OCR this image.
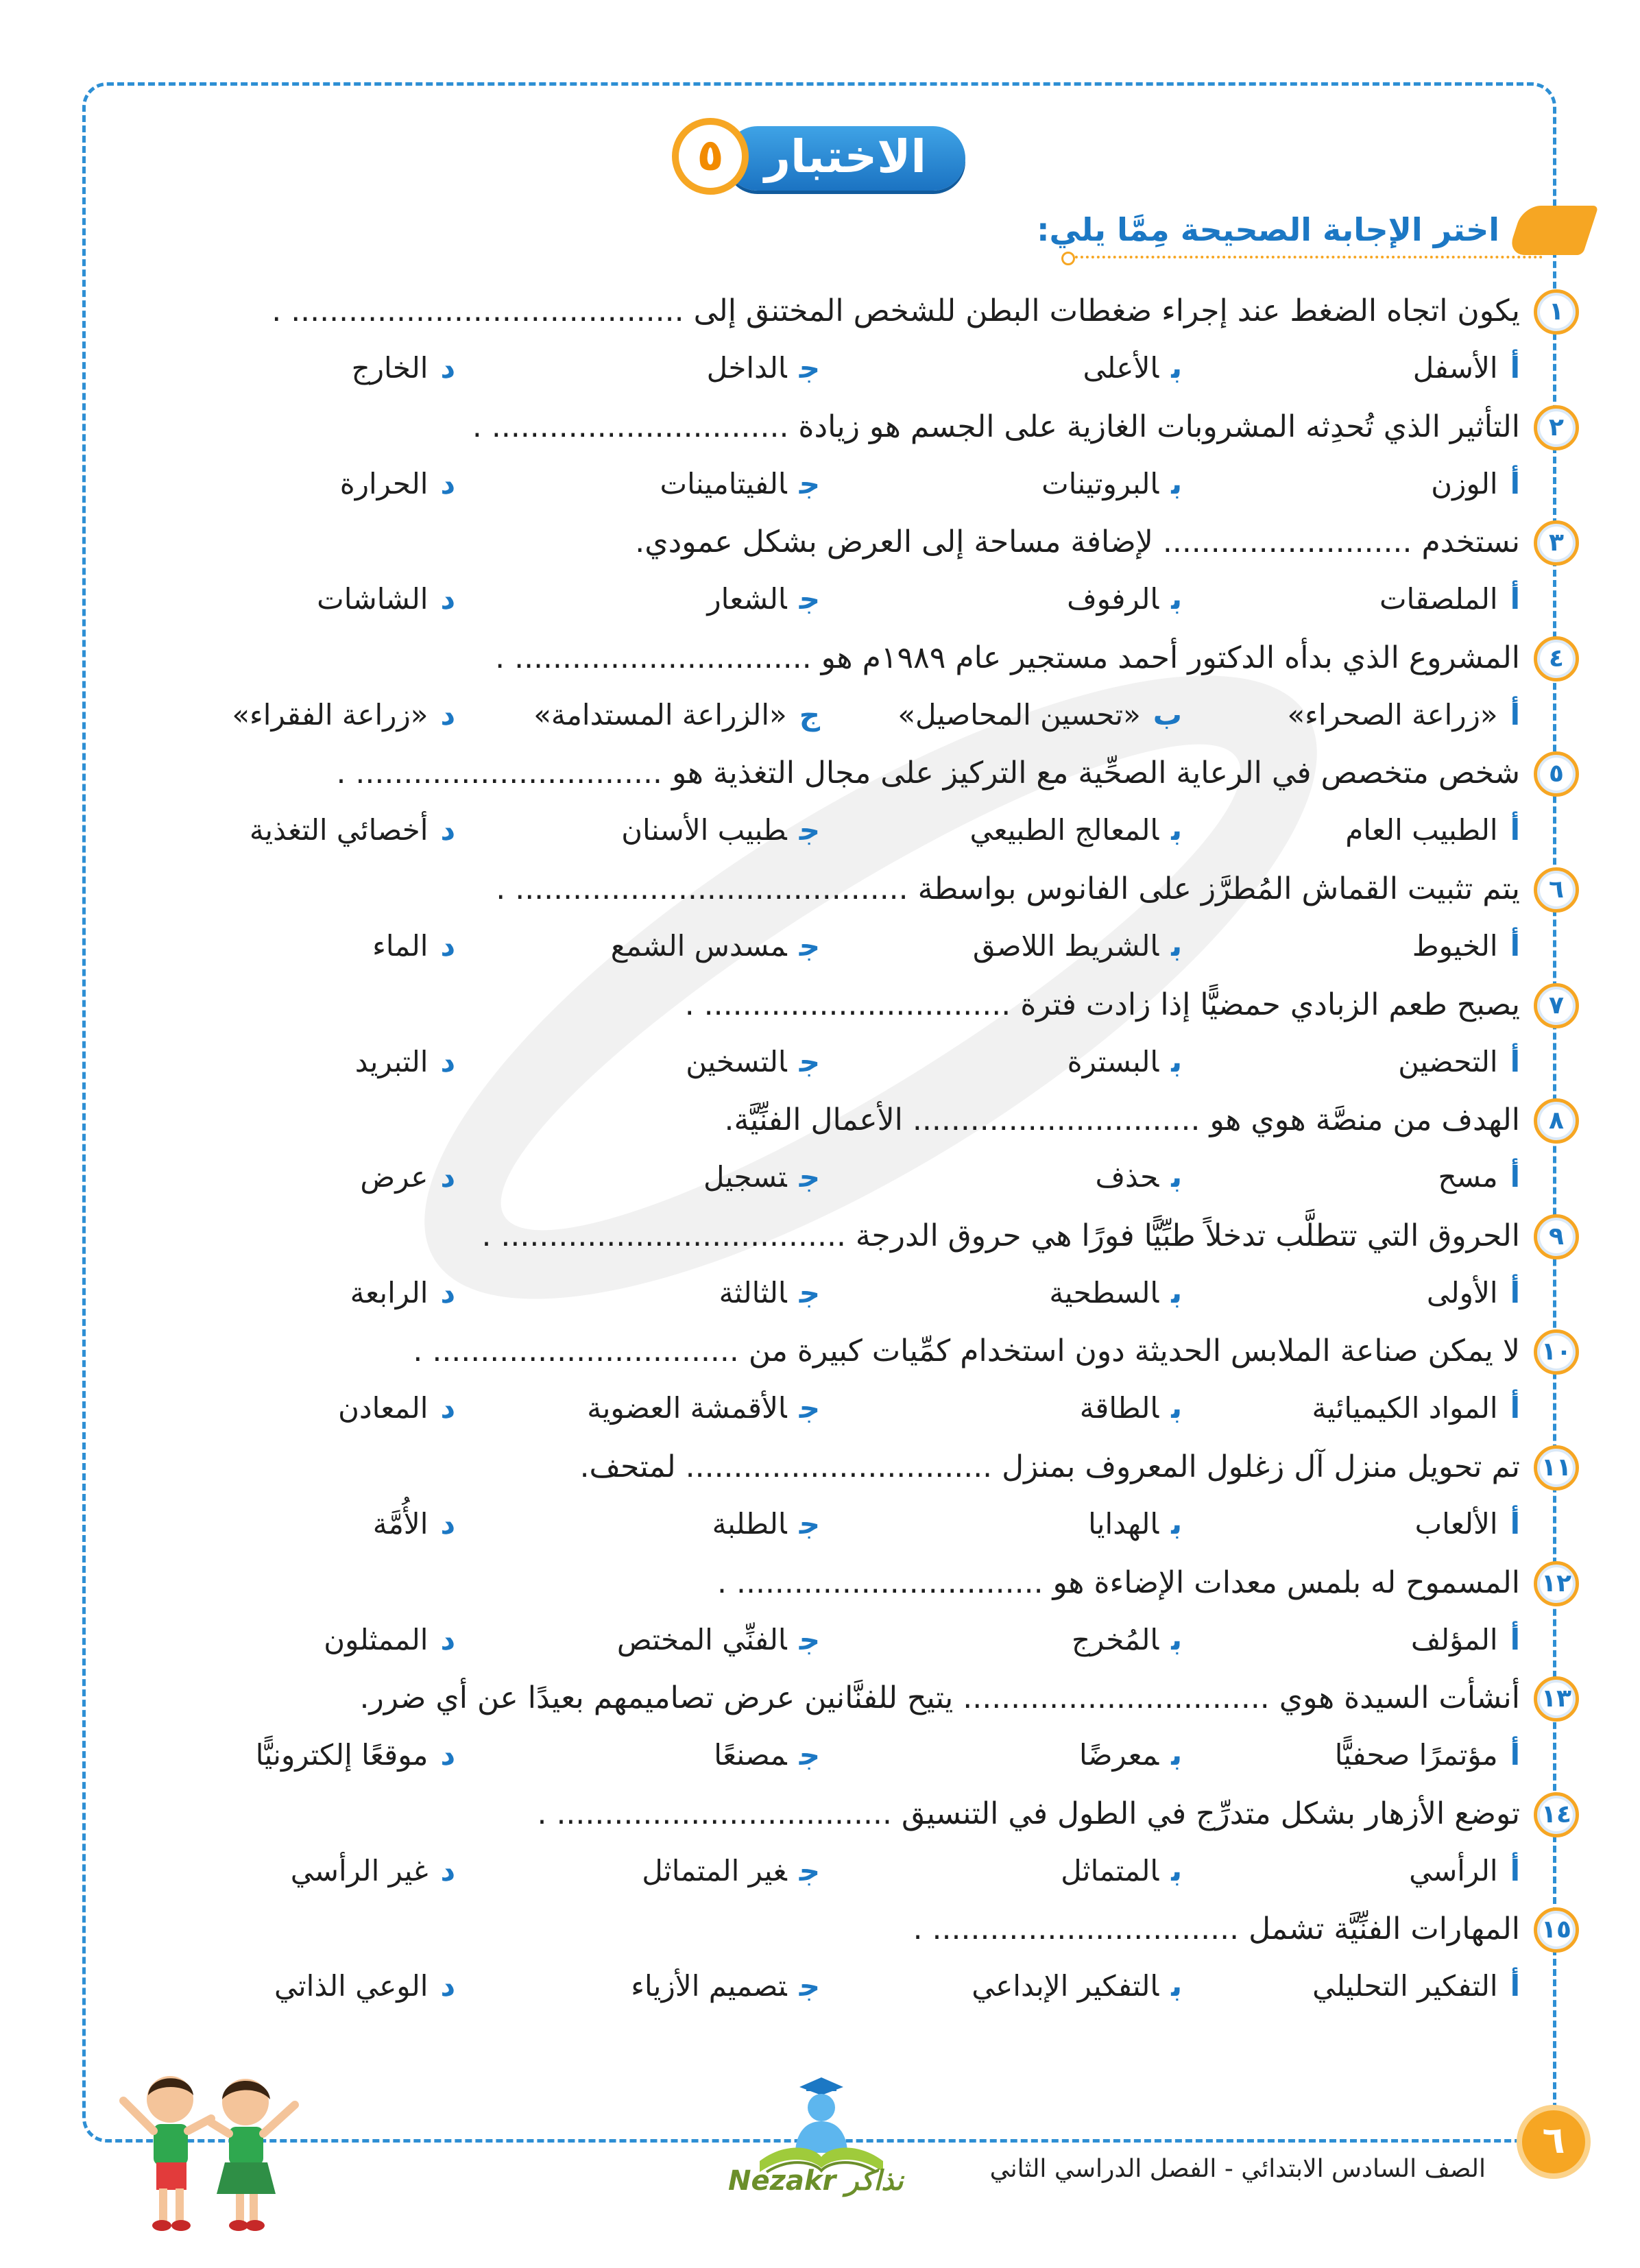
الاختبار
٥
اختر الإجابة الصحيحة مِمَّا يلي:
١
يكون اتجاه الضغط عند إجراء ضغطات البطن للشخص المختنق إلى ......................................... .
أالأسفل
بالأعلى
جالداخل
دالخارج
٢
التأثير الذي تُحدِثه المشروبات الغازية على الجسم هو زيادة ............................... .
أالوزن
بالبروتينات
جالفيتامينات
دالحرارة
٣
نستخدم .......................... لإضافة مساحة إلى العرض بشكل عمودي.
أالملصقات
بالرفوف
جالشعار
دالشاشات
٤
المشروع الذي بدأه الدكتور أحمد مستجير عام ١٩٨٩م هو ............................... .
أ«زراعة الصحراء»
ب«تحسين المحاصيل»
ج«الزراعة المستدامة»
د«زراعة الفقراء»
٥
شخص متخصص في الرعاية الصحِّية مع التركيز على مجال التغذية هو ................................ .
أالطبيب العام
بالمعالج الطبيعي
جطبيب الأسنان
دأخصائي التغذية
٦
يتم تثبيت القماش المُطرَّز على الفانوس بواسطة ......................................... .
أالخيوط
بالشريط اللاصق
جمسدس الشمع
دالماء
٧
يصبح طعم الزبادي حمضيًّا إذا زادت فترة ................................ .
أالتحضين
بالبسترة
جالتسخين
دالتبريد
٨
الهدف من منصَّة هوي هو .............................. الأعمال الفنِّيَّة.
أمسح
بحذف
جتسجيل
دعرض
٩
الحروق التي تتطلَّب تدخلاً طبِّيًّا فورًا هي حروق الدرجة .................................... .
أالأولى
بالسطحية
جالثالثة
دالرابعة
١٠
لا يمكن صناعة الملابس الحديثة دون استخدام كمِّيات كبيرة من ................................ .
أالمواد الكيميائية
بالطاقة
جالأقمشة العضوية
دالمعادن
١١
تم تحويل منزل آل زغلول المعروف بمنزل ................................ لمتحف.
أالألعاب
بالهدايا
جالطلبة
دالأُمَّة
١٢
المسموح له بلمس معدات الإضاءة هو ................................ .
أالمؤلف
بالمُخرج
جالفنِّي المختص
دالممثلون
١٣
أنشأت السيدة هوي ................................ يتيح للفنَّانين عرض تصاميمهم بعيدًا عن أي ضرر.
أمؤتمرًا صحفيًّا
بمعرضًا
جمصنعًا
دموقعًا إلكترونيًّا
١٤
توضع الأزهار بشكل متدرِّج في الطول في التنسيق ................................... .
أالرأسي
بالمتماثل
جغير المتماثل
دغير الرأسي
١٥
المهارات الفنِّيَّة تشمل ................................ .
أالتفكير التحليلي
بالتفكير الإبداعي
جتصميم الأزياء
دالوعي الذاتي
٦
الصف السادس الابتدائي - الفصل الدراسي الثاني
Nezakr نذاكر
